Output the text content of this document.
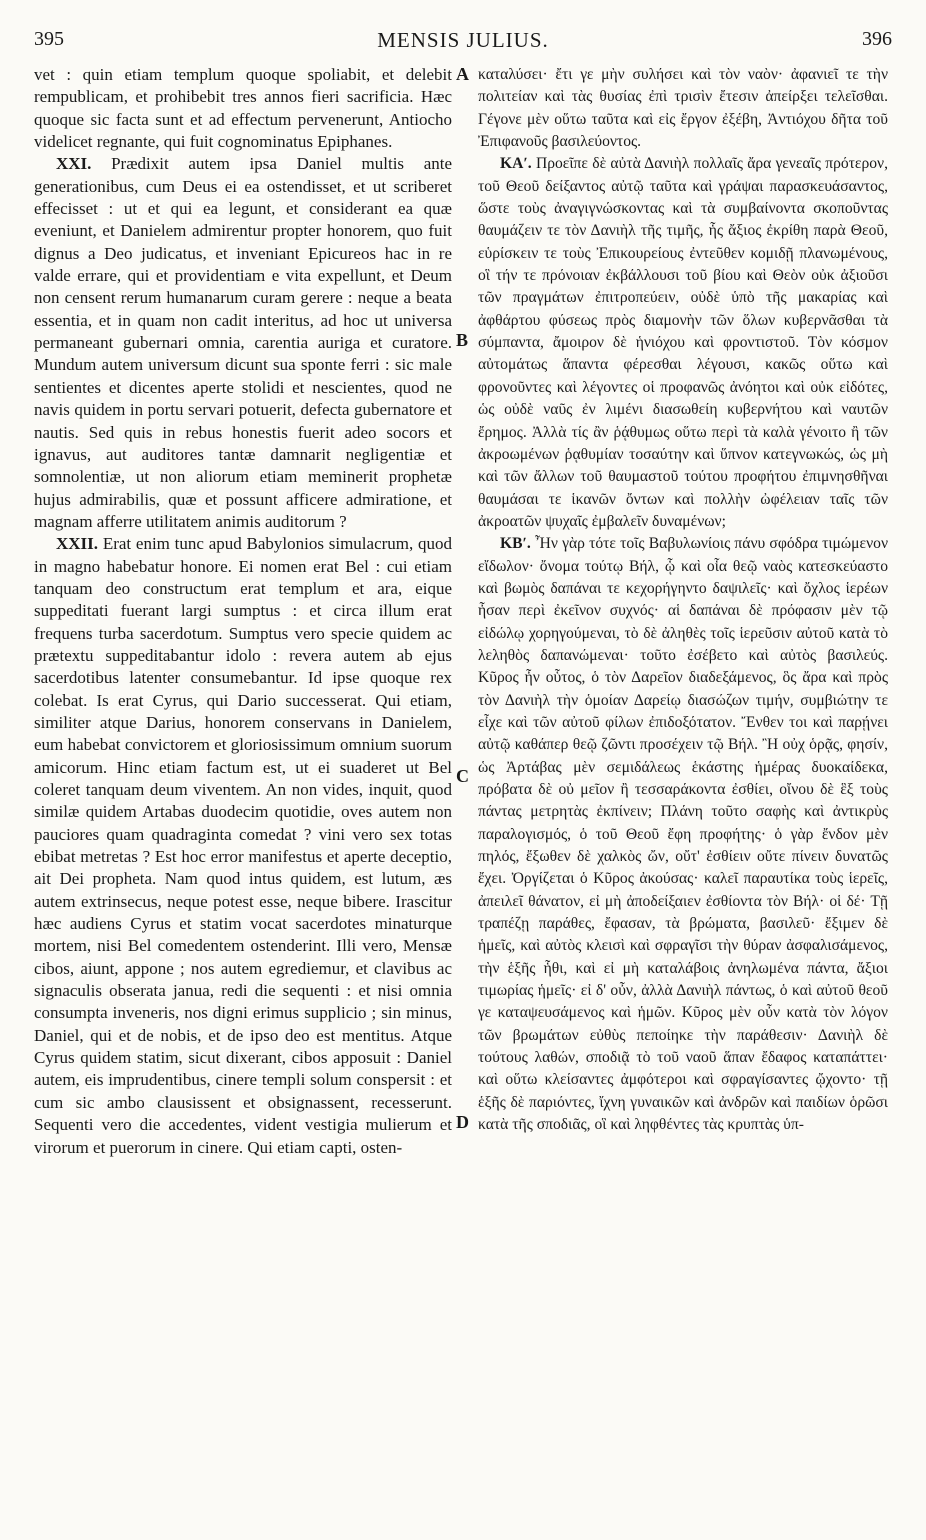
395	MENSIS JULIUS.	396

vet : quin etiam templum quoque spoliabit, et delebit rempublicam, et prohibebit tres annos fieri sacrificia. Hæc quoque sic facta sunt et ad effectum pervenerunt, Antiocho videlicet regnante, qui fuit cognominatus Epiphanes.

XXI. Prædixit autem ipsa Daniel multis ante generationibus, cum Deus ei ea ostendisset, et ut scriberet effecisset : ut et qui ea legunt, et considerant ea quæ eveniunt, et Danielem admirentur propter honorem, quo fuit dignus a Deo judicatus, et inveniant Epicureos hac in re valde errare, qui et providentiam e vita expellunt, et Deum non censent rerum humanarum curam gerere : neque a beata essentia, et in quam non cadit interitus, ad hoc ut universa permaneant gubernari omnia, carentia auriga et curatore. Mundum autem universum dicunt sua sponte ferri : sic male sentientes et dicentes aperte stolidi et nescientes, quod ne navis quidem in portu servari potuerit, defecta gubernatore et nautis. Sed quis in rebus honestis fuerit adeo socors et ignavus, aut auditores tantæ damnarit negligentiæ et somnolentiæ, ut non aliorum etiam meminerit prophetæ hujus admirabilis, quæ et possunt afficere admiratione, et magnam afferre utilitatem animis auditorum ?

XXII. Erat enim tunc apud Babylonios simulacrum, quod in magno habebatur honore. Ei nomen erat Bel : cui etiam tanquam deo constructum erat templum et ara, eique suppeditati fuerant largi sumptus : et circa illum erat frequens turba sacerdotum. Sumptus vero specie quidem ac prætextu suppeditabantur idolo : revera autem ab ejus sacerdotibus latenter consumebantur. Id ipse quoque rex colebat. Is erat Cyrus, qui Dario successerat. Qui etiam, similiter atque Darius, honorem conservans in Danielem, eum habebat convictorem et gloriosissimum omnium suorum amicorum. Hinc etiam factum est, ut ei suaderet ut Bel coleret tanquam deum viventem. An non vides, inquit, quod similæ quidem Artabas duodecim quotidie, oves autem non pauciores quam quadraginta comedat ? vini vero sex totas ebibat metretas ? Est hoc error manifestus et aperte deceptio, ait Dei propheta. Nam quod intus quidem, est lutum, æs autem extrinsecus, neque potest esse, neque bibere. Irascitur hæc audiens Cyrus et statim vocat sacerdotes minaturque mortem, nisi Bel comedentem ostenderint. Illi vero, Mensæ cibos, aiunt, appone ; nos autem egrediemur, et clavibus ac signaculis obserata janua, redi die sequenti : et nisi omnia consumpta inveneris, nos digni erimus supplicio ; sin minus, Daniel, qui et de nobis, et de ipso deo est mentitus. Atque Cyrus quidem statim, sicut dixerant, cibos apposuit : Daniel autem, eis imprudentibus, cinere templi solum conspersit : et cum sic ambo clausissent et obsignassent, recesserunt. Sequenti vero die accedentes, vident vestigia mulierum et virorum et puerorum in cinere. Qui etiam capti, osten-

A
B
C
D

καταλύσει· ἔτι γε μὴν συλήσει καὶ τὸν ναὸν· ἀφανιεῖ τε τὴν πολιτείαν καὶ τὰς θυσίας ἐπὶ τρισὶν ἔτεσιν ἀπείρξει τελεῖσθαι. Γέγονε μὲν οὕτω ταῦτα καὶ εἰς ἔργον ἐξέβη, Ἀντιόχου δῆτα τοῦ Ἐπιφανοῦς βασιλεύοντος.

ΚΑʹ. Προεῖπε δὲ αὐτὰ Δανιὴλ πολλαῖς ἄρα γενεαῖς πρότερον, τοῦ Θεοῦ δείξαντος αὐτῷ ταῦτα καὶ γράψαι παρασκευάσαντος, ὥστε τοὺς ἀναγιγνώσκοντας καὶ τὰ συμβαίνοντα σκοποῦντας θαυμάζειν τε τὸν Δανιὴλ τῆς τιμῆς, ἧς ἄξιος ἐκρίθη παρὰ Θεοῦ, εὑρίσκειν τε τοὺς Ἐπικουρείους ἐντεῦθεν κομιδῇ πλανωμένους, οἳ τήν τε πρόνοιαν ἐκβάλλουσι τοῦ βίου καὶ Θεὸν οὐκ ἀξιοῦσι τῶν πραγμάτων ἐπιτροπεύειν, οὐδὲ ὑπὸ τῆς μακαρίας καὶ ἀφθάρτου φύσεως πρὸς διαμονὴν τῶν ὅλων κυβερνᾶσθαι τὰ σύμπαντα, ἄμοιρον δὲ ἡνιόχου καὶ φροντιστοῦ. Τὸν κόσμον αὐτομάτως ἅπαντα φέρεσθαι λέγουσι, κακῶς οὕτω καὶ φρονοῦντες καὶ λέγοντες οἱ προφανῶς ἀνόητοι καὶ οὐκ εἰδότες, ὡς οὐδὲ ναῦς ἐν λιμένι διασωθείη κυβερνήτου καὶ ναυτῶν ἔρημος. Ἀλλὰ τίς ἂν ῥᾴθυμως οὕτω περὶ τὰ καλὰ γένοιτο ἢ τῶν ἀκροωμένων ῥᾳθυμίαν τοσαύτην καὶ ὕπνον κατεγνωκώς, ὡς μὴ καὶ τῶν ἄλλων τοῦ θαυμαστοῦ τούτου προφήτου ἐπιμνησθῆναι θαυμάσαι τε ἱκανῶν ὄντων καὶ πολλὴν ὠφέλειαν ταῖς τῶν ἀκροατῶν ψυχαῖς ἐμβαλεῖν δυναμένων;

ΚΒʹ. Ἦν γὰρ τότε τοῖς Βαβυλωνίοις πάνυ σφόδρα τιμώμενον εἴδωλον· ὄνομα τούτῳ Βήλ, ᾧ καὶ οἷα θεῷ ναὸς κατεσκεύαστο καὶ βωμὸς δαπάναι τε κεχορήγηντο δαψιλεῖς· καὶ ὄχλος ἱερέων ἦσαν περὶ ἐκεῖνον συχνός· αἱ δαπάναι δὲ πρόφασιν μὲν τῷ εἰδώλῳ χορηγούμεναι, τὸ δὲ ἀληθὲς τοῖς ἱερεῦσιν αὐτοῦ κατὰ τὸ λεληθὸς δαπανώμεναι· τοῦτο ἐσέβετο καὶ αὐτὸς βασιλεύς. Κῦρος ἦν οὗτος, ὁ τὸν Δαρεῖον διαδεξάμενος, ὃς ἄρα καὶ πρὸς τὸν Δανιὴλ τὴν ὁμοίαν Δαρείῳ διασώζων τιμήν, συμβιώτην τε εἶχε καὶ τῶν αὐτοῦ φίλων ἐπιδοξότατον. Ἔνθεν τοι καὶ παρῄνει αὐτῷ καθάπερ θεῷ ζῶντι προσέχειν τῷ Βήλ. Ἢ οὐχ ὁρᾷς, φησίν, ὡς Ἀρτάβας μὲν σεμιδάλεως ἑκάστης ἡμέρας δυοκαίδεκα, πρόβατα δὲ οὐ μεῖον ἢ τεσσαράκοντα ἐσθίει, οἴνου δὲ ἓξ τοὺς πάντας μετρητὰς ἐκπίνειν; Πλάνη τοῦτο σαφὴς καὶ ἀντικρὺς παραλογισμός, ὁ τοῦ Θεοῦ ἔφη προφήτης· ὁ γὰρ ἔνδον μὲν πηλός, ἔξωθεν δὲ χαλκὸς ὤν, οὔτ' ἐσθίειν οὔτε πίνειν δυνατῶς ἔχει. Ὀργίζεται ὁ Κῦρος ἀκούσας· καλεῖ παραυτίκα τοὺς ἱερεῖς, ἀπειλεῖ θάνατον, εἰ μὴ ἀποδείξαιεν ἐσθίοντα τὸν Βήλ· οἱ δέ· Τῇ τραπέζῃ παράθες, ἔφασαν, τὰ βρώματα, βασιλεῦ· ἔξιμεν δὲ ἡμεῖς, καὶ αὐτὸς κλεισὶ καὶ σφραγῖσι τὴν θύραν ἀσφαλισάμενος, τὴν ἑξῆς ἧθι, καὶ εἰ μὴ καταλάβοις ἀνηλωμένα πάντα, ἄξιοι τιμωρίας ἡμεῖς· εἰ δ' οὖν, ἀλλὰ Δανιὴλ πάντως, ὁ καὶ αὐτοῦ θεοῦ γε καταψευσάμενος καὶ ἡμῶν. Κῦρος μὲν οὖν κατὰ τὸν λόγον τῶν βρωμάτων εὐθὺς πεποίηκε τὴν παράθεσιν· Δανιὴλ δὲ τούτους λαθών, σποδιᾷ τὸ τοῦ ναοῦ ἅπαν ἔδαφος καταπάττει· καὶ οὕτω κλείσαντες ἀμφότεροι καὶ σφραγίσαντες ᾤχοντο· τῇ ἑξῆς δὲ παριόντες, ἴχνη γυναικῶν καὶ ἀνδρῶν καὶ παιδίων ὁρῶσι κατὰ τῆς σποδιᾶς, οἳ καὶ ληφθέντες τὰς κρυπτὰς ὑπ-
